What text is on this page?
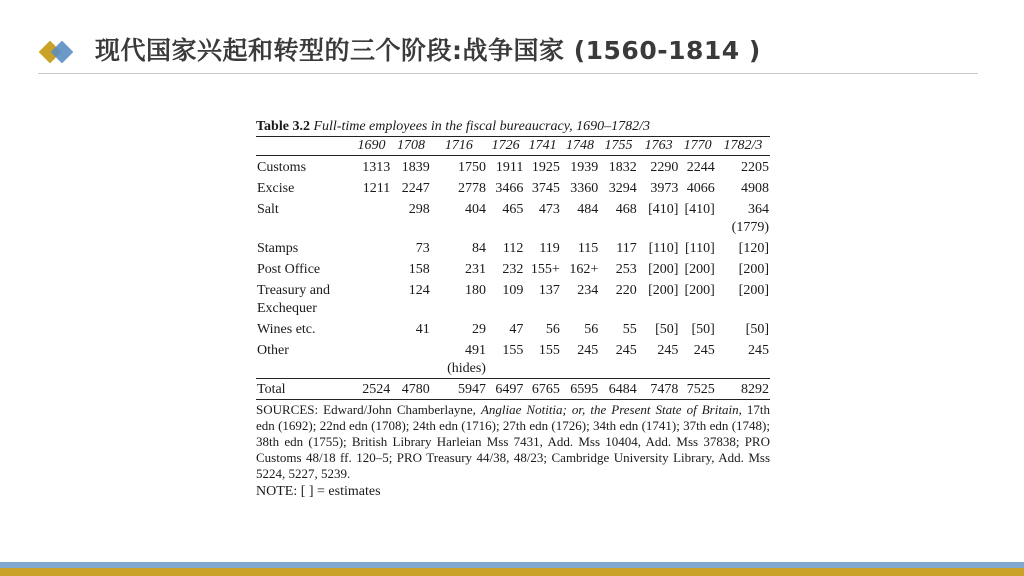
现代国家兴起和转型的三个阶段:战争国家 (1560-1814 )
Table 3.2 Full-time employees in the fiscal bureaucracy, 1690–1782/3
	1690	1708	1716	1726	1741	1748	1755	1763	1770	1782/3
Customs	1313	1839	1750	1911	1925	1939	1832	2290	2244	2205
Excise	1211	2247	2778	3466	3745	3360	3294	3973	4066	4908
Salt		298	404	465	473	484	468	[410]	[410]	364
(1779)

Stamps		73	84	112	119	115	117	[110]	[110]	[120]
Post Office		158	231	232	155+	162+	253	[200]	[200]	[200]
Treasury and Exchequer		124	180	109	137	234	220	[200]	[200]	[200]
Wines etc.		41	29	47	56	56	55	[50]	[50]	[50]
Other			491
(hides)	155	155	245	245	245	245	245
Total	2524	4780	5947	6497	6765	6595	6484	7478	7525	8292
SOURCES: Edward/John Chamberlayne, Angliae Notitia; or, the Present State of Britain, 17th edn (1692); 22nd edn (1708); 24th edn (1716); 27th edn (1726); 34th edn (1741); 37th edn (1748); 38th edn (1755); British Library Harleian Mss 7431, Add. Mss 10404, Add. Mss 37838; PRO Customs 48/18 ff. 120–5; PRO Treasury 44/38, 48/23; Cambridge University Library, Add. Mss 5224, 5227, 5239.
NOTE: [ ] = estimates
